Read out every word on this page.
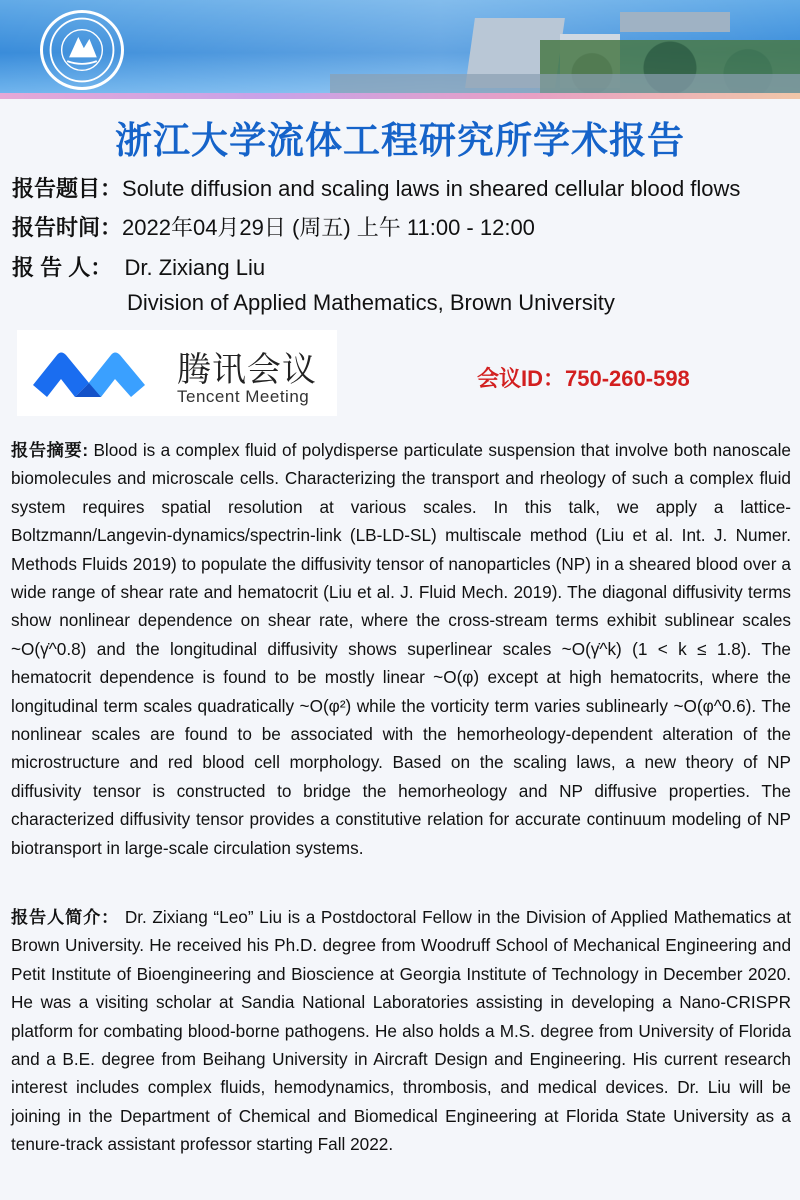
浙江大学流体工程研究所学术报告
报告题目：Solute diffusion and scaling laws in sheared cellular blood flows
报告时间：2022年04月29日 (周五) 上午 11:00 - 12:00
报 告 人： Dr. Zixiang Liu
Division of Applied Mathematics, Brown University
腾讯会议
Tencent Meeting
会议ID：750-260-598
报告摘要: Blood is a complex fluid of polydisperse particulate suspension that involve both nanoscale biomolecules and microscale cells. Characterizing the transport and rheology of such a complex fluid system requires spatial resolution at various scales. In this talk, we apply a lattice-Boltzmann/Langevin-dynamics/spectrin-link (LB-LD-SL) multiscale method (Liu et al. Int. J. Numer. Methods Fluids 2019) to populate the diffusivity tensor of nanoparticles (NP) in a sheared blood over a wide range of shear rate and hematocrit (Liu et al. J. Fluid Mech. 2019). The diagonal diffusivity terms show nonlinear dependence on shear rate, where the cross-stream terms exhibit sublinear scales ~O(γ̇^0.8) and the longitudinal diffusivity shows superlinear scales ~O(γ̇^k) (1 < k ≤ 1.8). The hematocrit dependence is found to be mostly linear ~O(φ) except at high hematocrits, where the longitudinal term scales quadratically ~O(φ²) while the vorticity term varies sublinearly ~O(φ^0.6). The nonlinear scales are found to be associated with the hemorheology-dependent alteration of the microstructure and red blood cell morphology. Based on the scaling laws, a new theory of NP diffusivity tensor is constructed to bridge the hemorheology and NP diffusive properties. The characterized diffusivity tensor provides a constitutive relation for accurate continuum modeling of NP biotransport in large-scale circulation systems.
报告人简介： Dr. Zixiang “Leo” Liu is a Postdoctoral Fellow in the Division of Applied Mathematics at Brown University. He received his Ph.D. degree from Woodruff School of Mechanical Engineering and Petit Institute of Bioengineering and Bioscience at Georgia Institute of Technology in December 2020. He was a visiting scholar at Sandia National Laboratories assisting in developing a Nano-CRISPR platform for combating blood-borne pathogens. He also holds a M.S. degree from University of Florida and a B.E. degree from Beihang University in Aircraft Design and Engineering. His current research interest includes complex fluids, hemodynamics, thrombosis, and medical devices. Dr. Liu will be joining in the Department of Chemical and Biomedical Engineering at Florida State University as a tenure-track assistant professor starting Fall 2022.
